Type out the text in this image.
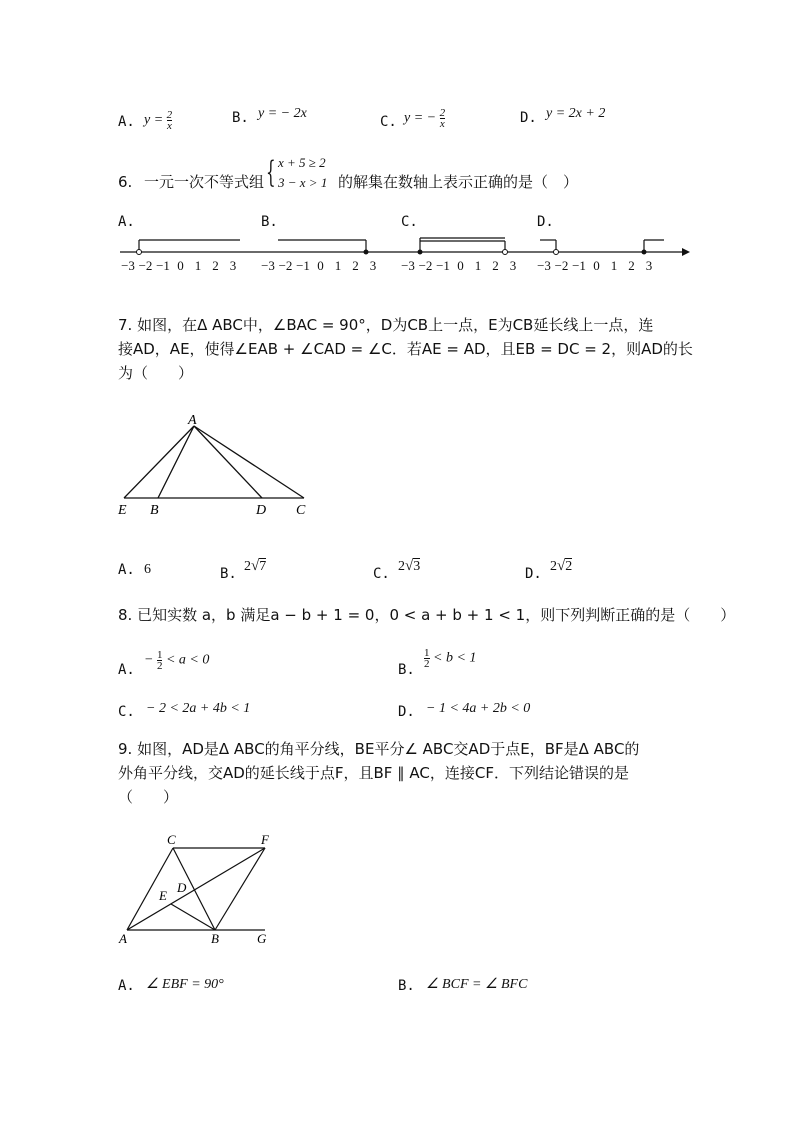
A. $y = \frac{2}{x}$	B. y = − 2x
C. y = − $\frac{2}{x}$	D. y = 2x + 2
6. 一元一次不等式组 { x + 5 ≥ 2
3 − x > 1 的解集在数轴上表示正确的是（　）
A.	B.	C.	D.
−3 −2 −1 0 1 2 3 −3 −2 −1 0 1 2 3 −3 −2 −1 0 1 2 3 −3 −2 −1 0 1 2 3
7. 如图，在Δ ABC中，∠BAC = 90°，D为CB上一点，E为CB延长线上一点，连
接AD，AE，使得∠EAB + ∠CAD = ∠C．若AE = AD，且EB = DC = 2，则AD的长
为（　　）
A
E B	D C
A. 6	B. 2√7	C. 2√3	D. 2√2
8. 已知实数 a，b 满足a − b + 1 = 0，0 < a + b + 1 < 1，则下列判断正确的是（　　）
A.
− $\frac{1}{2} < a < 0$
B.
$\frac{1}{2} < b < 1$
C. − 2 < 2a + 4b < 1	D. − 1 < 4a + 2b < 0
9. 如图，AD是Δ ABC的角平分线，BE平分∠ ABC交AD于点E，BF是Δ ABC的
外角平分线，交AD的延长线于点F，且BF ∥ AC，连接CF．下列结论错误的是
（　　）
C	F
D
E
A	B	G
A. ∠ EBF = 90°	B. ∠ BCF = ∠ BFC
